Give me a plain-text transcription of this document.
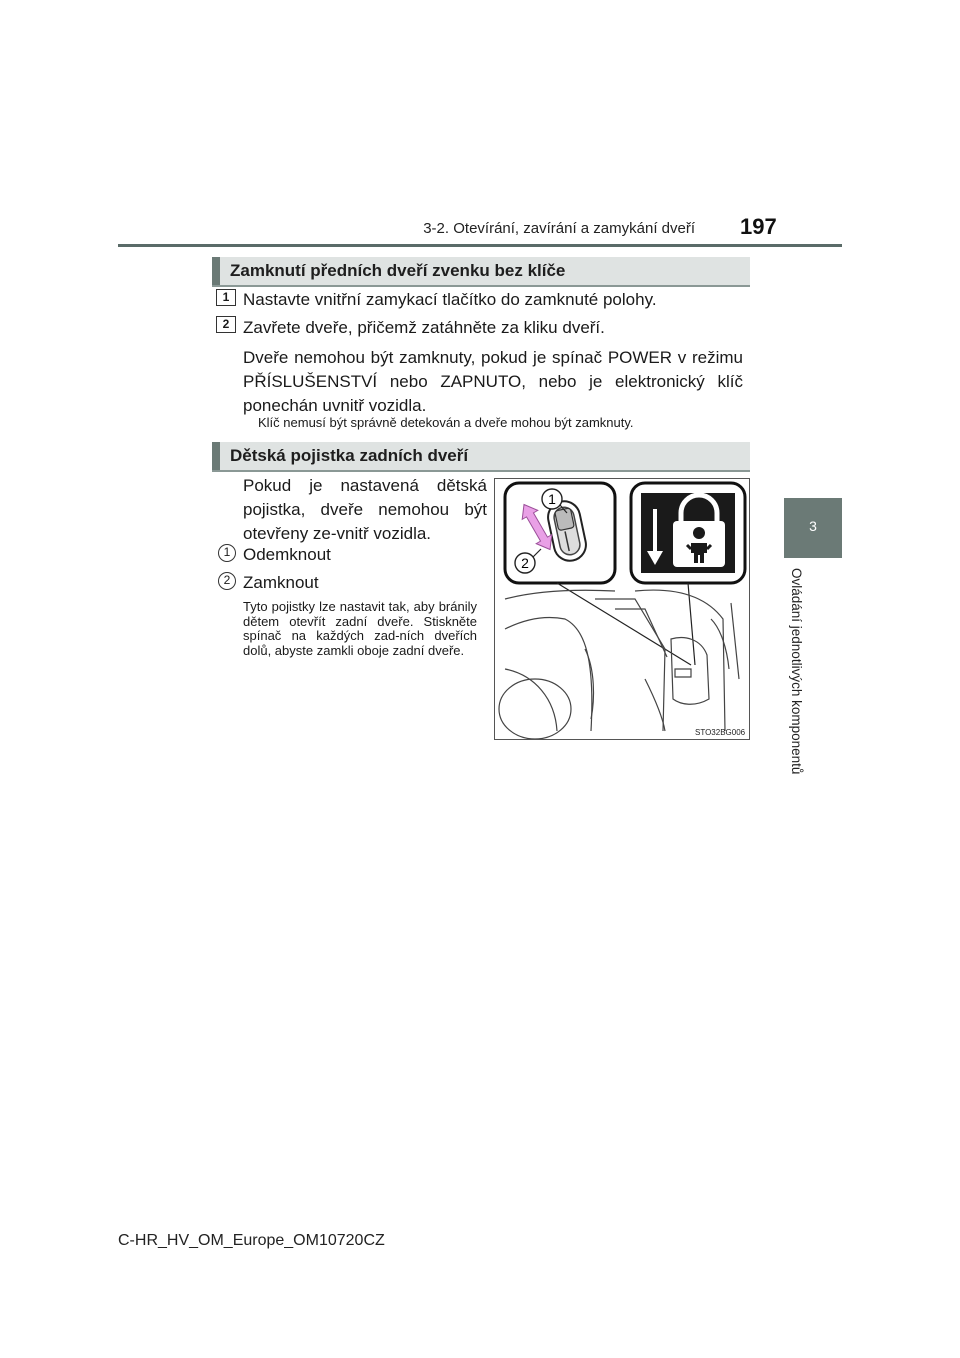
3-2. Otevírání, zavírání a zamykání dveří 197
3
Ovládání jednotlivých komponentů
Zamknutí předních dveří zvenku bez klíče
1 Nastavte vnitřní zamykací tlačítko do zamknuté polohy.
2 Zavřete dveře, přičemž zatáhněte za kliku dveří.
Dveře nemohou být zamknuty, pokud je spínač POWER v režimu PŘÍSLUŠENSTVÍ nebo ZAPNUTO, nebo je elektronický klíč ponechán uvnitř vozidla.
Klíč nemusí být správně detekován a dveře mohou být zamknuty.
Dětská pojistka zadních dveří
Pokud je nastavená dětská pojistka, dveře nemohou být otevřeny ze-vnitř vozidla.
1 Odemknout
2 Zamknout
Tyto pojistky lze nastavit tak, aby bránily dětem otevřít zadní dveře. Stiskněte spínač na každých zad-ních dveřích dolů, abyste zamkli oboje zadní dveře.
1
2
STO32BG006
C-HR_HV_OM_Europe_OM10720CZ
